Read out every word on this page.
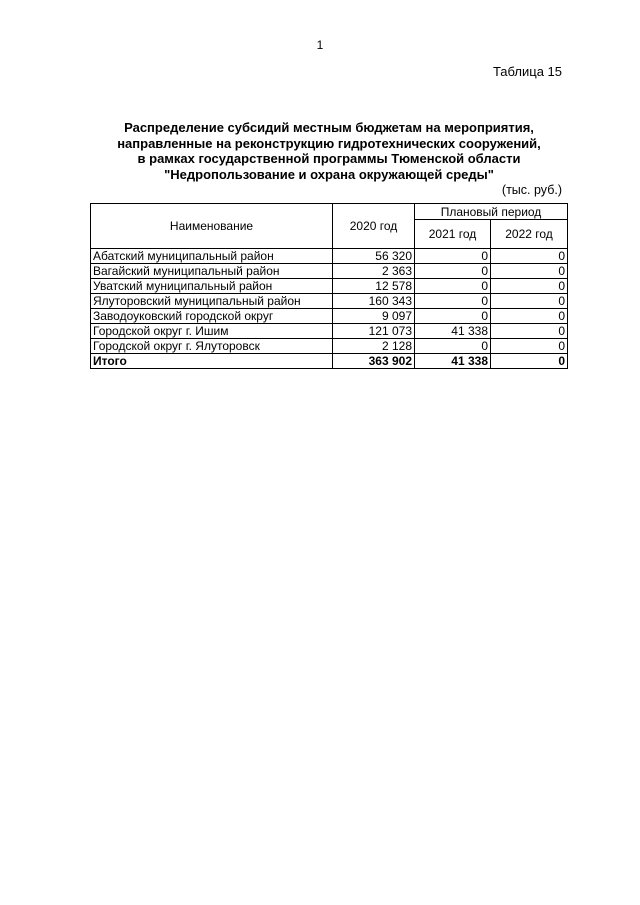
1
Таблица 15
Распределение субсидий местным бюджетам на мероприятия,
направленные на реконструкцию гидротехнических сооружений,
в рамках государственной программы Тюменской области
"Недропользование и охрана окружающей среды"
(тыс. руб.)
Наименование	2020 год	Плановый период	
		2021 год	2022 год
Абатский муниципальный район	56 320	0	0
Вагайский муниципальный район	2 363	0	0
Уватский муниципальный район	12 578	0	0
Ялуторовский муниципальный район	160 343	0	0
Заводоуковский городской округ	9 097	0	0
Городской округ г. Ишим	121 073	41 338	0
Городской округ г. Ялуторовск	2 128	0	0
Итого	363 902	41 338	0
